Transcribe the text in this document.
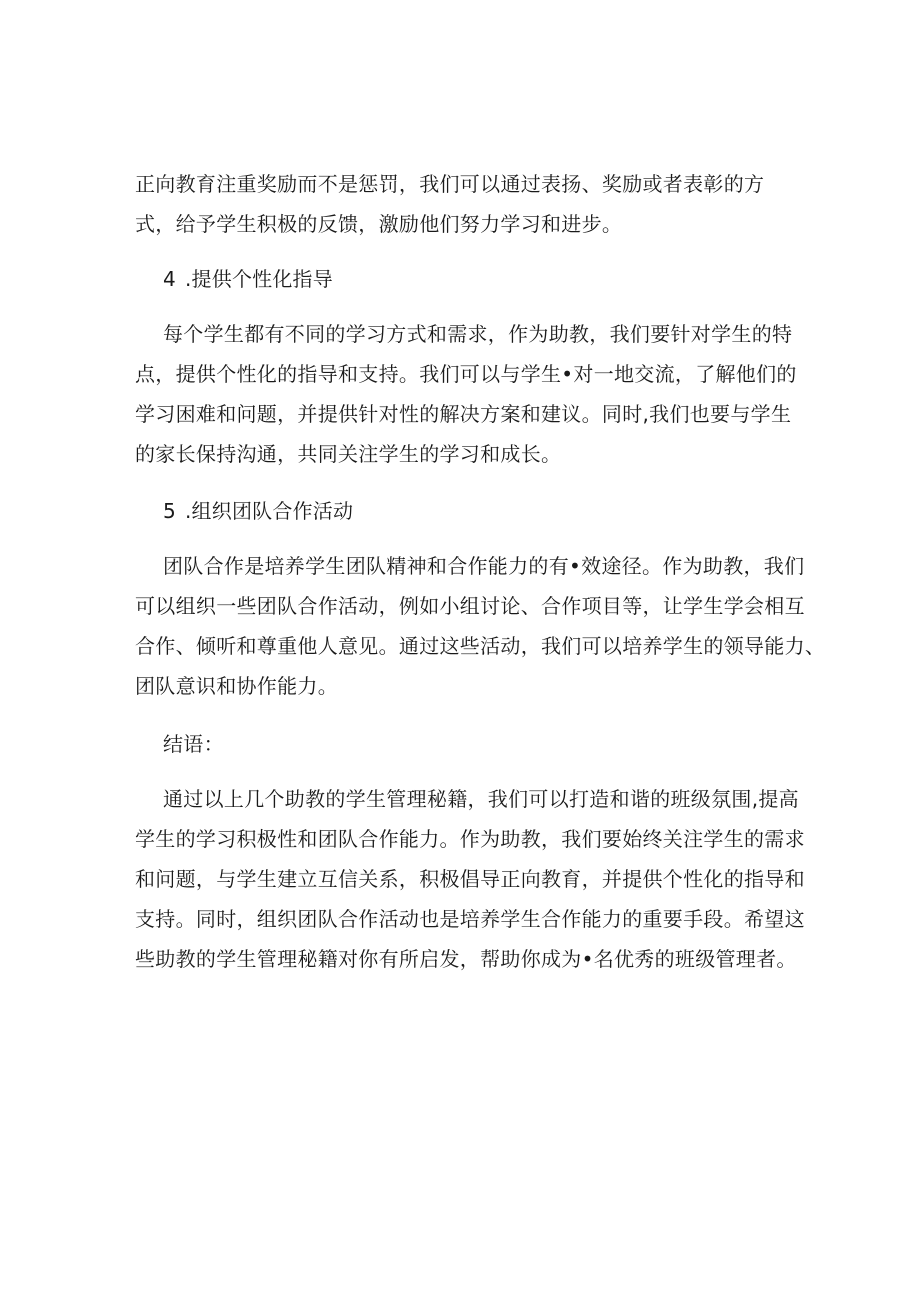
正向教育注重奖励而不是惩罚，我们可以通过表扬、奖励或者表彰的方
式，给予学生积极的反馈，激励他们努力学习和进步。
4 .提供个性化指导
每个学生都有不同的学习方式和需求，作为助教，我们要针对学生的特
点，提供个性化的指导和支持。我们可以与学生•对一地交流，了解他们的
学习困难和问题，并提供针对性的解决方案和建议。同时,我们也要与学生
的家长保持沟通，共同关注学生的学习和成长。
5 .组织团队合作活动
团队合作是培养学生团队精神和合作能力的有•效途径。作为助教，我们
可以组织一些团队合作活动，例如小组讨论、合作项目等，让学生学会相互
合作、倾听和尊重他人意见。通过这些活动，我们可以培养学生的领导能力、
团队意识和协作能力。
结语：
通过以上几个助教的学生管理秘籍，我们可以打造和谐的班级氛围,提高
学生的学习积极性和团队合作能力。作为助教，我们要始终关注学生的需求
和问题，与学生建立互信关系，积极倡导正向教育，并提供个性化的指导和
支持。同时，组织团队合作活动也是培养学生合作能力的重要手段。希望这
些助教的学生管理秘籍对你有所启发，帮助你成为•名优秀的班级管理者。
